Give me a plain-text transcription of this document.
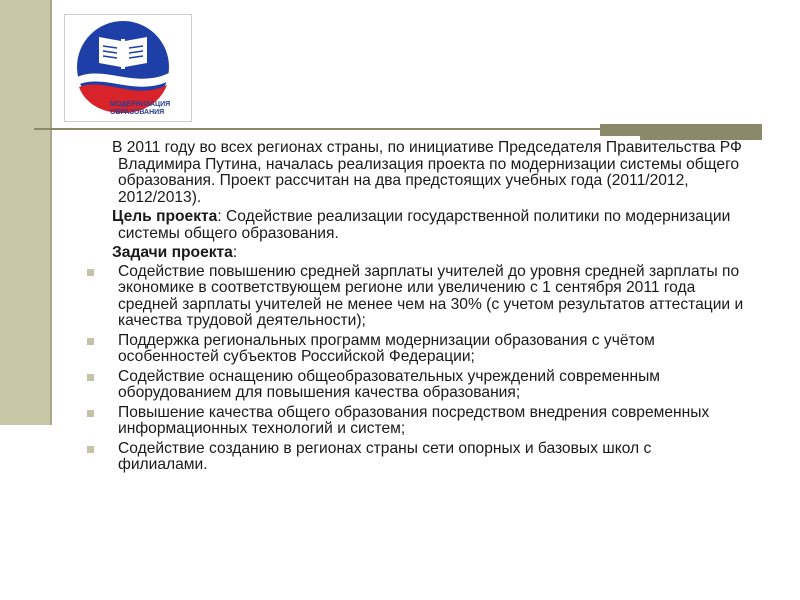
МОДЕРНИЗАЦИЯ
ОБРАЗОВАНИЯ

В 2011 году во всех регионах страны, по инициативе Председателя Правительства РФ Владимира Путина, началась реализация проекта по модернизации системы общего образования. Проект рассчитан на два предстоящих учебных года (2011/2012, 2012/2013).

Цель проекта: Содействие реализации государственной политики по модернизации системы общего образования.

Задачи проекта:

Содействие повышению средней зарплаты учителей до уровня средней зарплаты по экономике в соответствующем регионе или увеличению с 1 сентября 2011 года средней зарплаты учителей не менее чем на 30% (с учетом результатов аттестации и качества трудовой деятельности);
Поддержка региональных программ модернизации образования с учётом особенностей субъектов Российской Федерации;
Содействие оснащению общеобразовательных учреждений современным оборудованием для повышения качества образования;
Повышение качества общего образования посредством внедрения современных информационных технологий и систем;
Содействие созданию в регионах страны сети опорных и базовых школ с филиалами.
